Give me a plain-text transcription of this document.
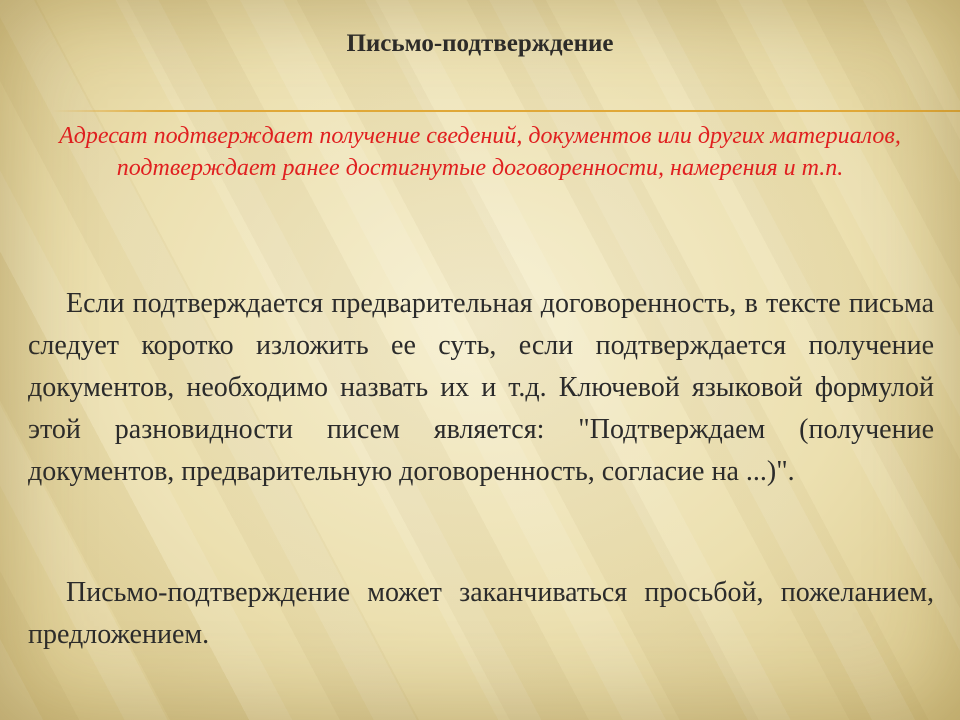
Письмо-подтверждение
Адресат подтверждает получение сведений, документов или других материалов, подтверждает ранее достигнутые договоренности, намерения и т.п.

Если подтверждается предварительная договоренность, в тексте письма следует коротко изложить ее суть, если подтверждается получение документов, необходимо назвать их и т.д. Ключевой языковой формулой этой разновидности писем является: "Подтверждаем (получение документов, предварительную договоренность, согласие на ...)".

Письмо-подтверждение может заканчиваться просьбой, пожеланием, предложением.
